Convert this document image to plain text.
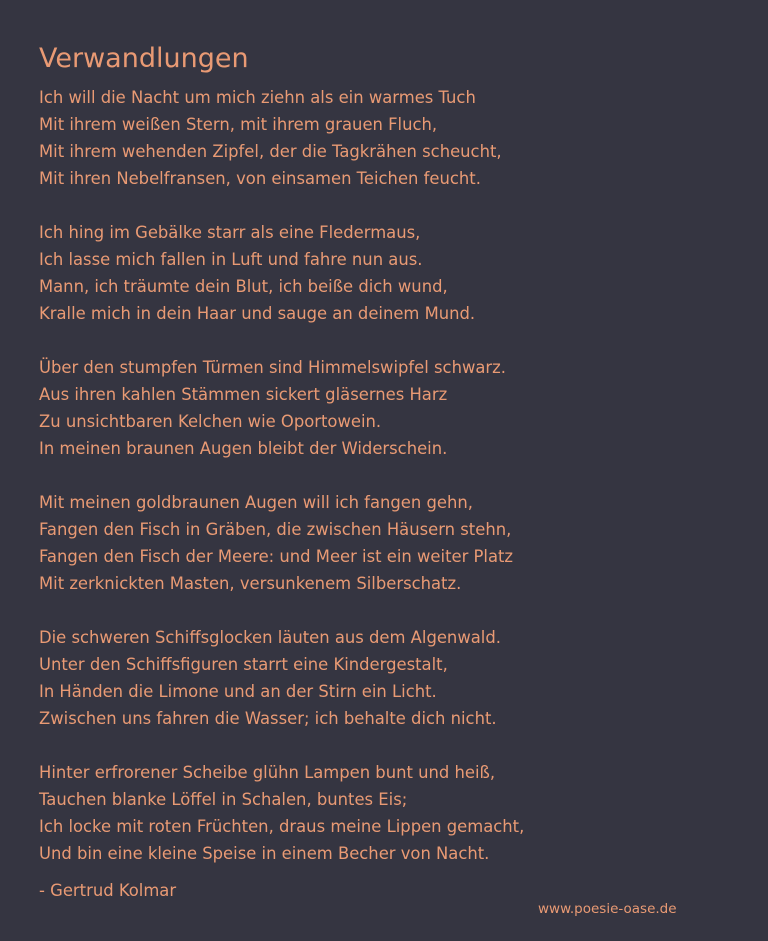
Verwandlungen
Ich will die Nacht um mich ziehn als ein warmes Tuch
Mit ihrem weißen Stern, mit ihrem grauen Fluch,
Mit ihrem wehenden Zipfel, der die Tagkrähen scheucht,
Mit ihren Nebelfransen, von einsamen Teichen feucht.
Ich hing im Gebälke starr als eine Fledermaus,
Ich lasse mich fallen in Luft und fahre nun aus.
Mann, ich träumte dein Blut, ich beiße dich wund,
Kralle mich in dein Haar und sauge an deinem Mund.
Über den stumpfen Türmen sind Himmelswipfel schwarz.
Aus ihren kahlen Stämmen sickert gläsernes Harz
Zu unsichtbaren Kelchen wie Oportowein.
In meinen braunen Augen bleibt der Widerschein.
Mit meinen goldbraunen Augen will ich fangen gehn,
Fangen den Fisch in Gräben, die zwischen Häusern stehn,
Fangen den Fisch der Meere: und Meer ist ein weiter Platz
Mit zerknickten Masten, versunkenem Silberschatz.
Die schweren Schiffsglocken läuten aus dem Algenwald.
Unter den Schiffsfiguren starrt eine Kindergestalt,
In Händen die Limone und an der Stirn ein Licht.
Zwischen uns fahren die Wasser; ich behalte dich nicht.
Hinter erfrorener Scheibe glühn Lampen bunt und heiß,
Tauchen blanke Löffel in Schalen, buntes Eis;
Ich locke mit roten Früchten, draus meine Lippen gemacht,
Und bin eine kleine Speise in einem Becher von Nacht.
- Gertrud Kolmar
www.poesie-oase.de
